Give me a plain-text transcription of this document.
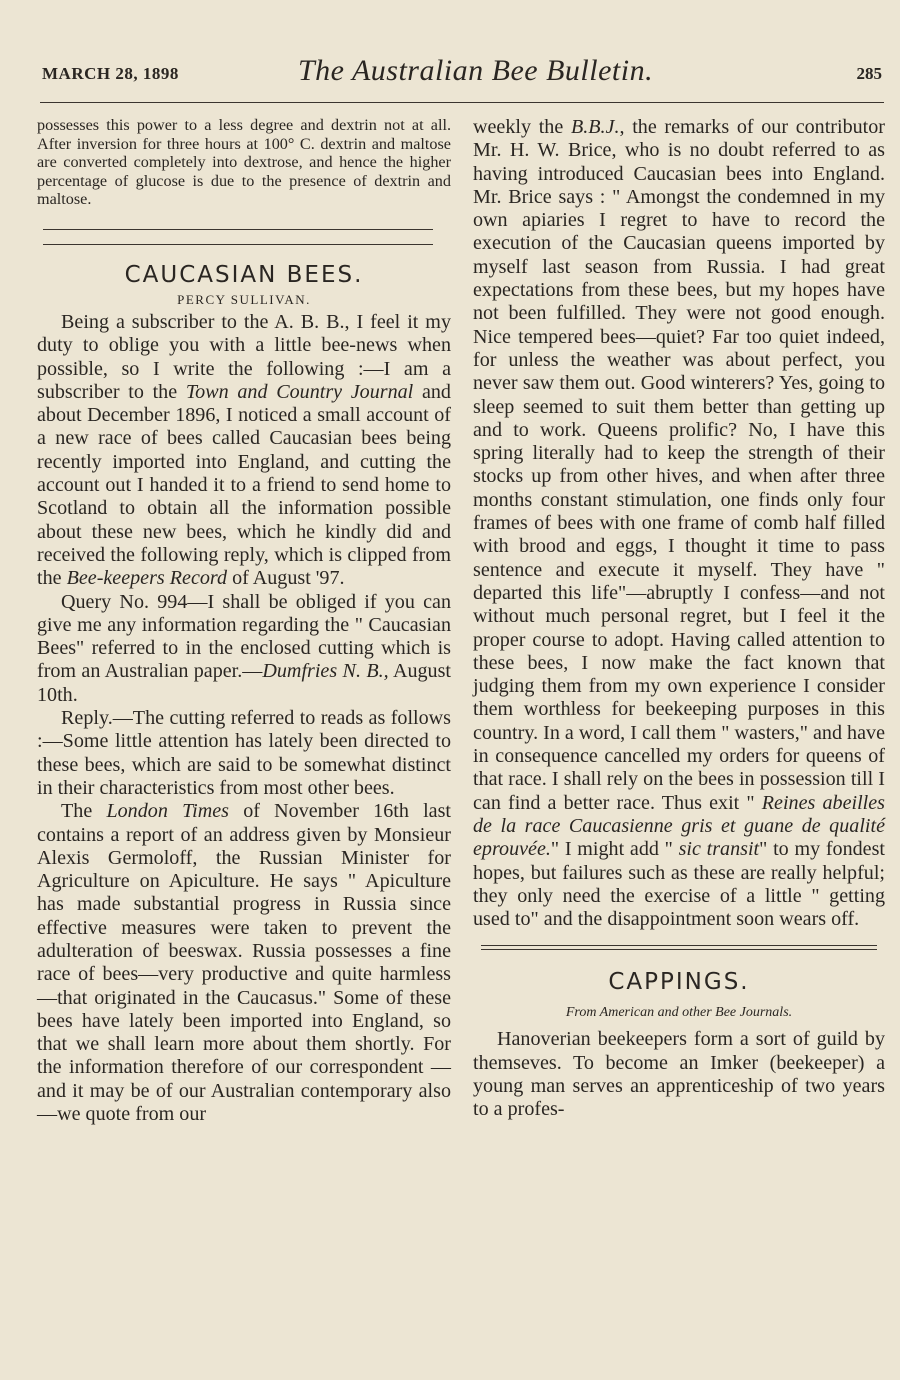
MARCH 28, 1898	The Australian Bee Bulletin.	285

possesses this power to a less degree and dextrin not at all. After inversion for three hours at 100° C. dextrin and maltose are converted completely into dextrose, and hence the higher percentage of glucose is due to the presence of dextrin and maltose.

CAUCASIAN BEES.
PERCY SULLIVAN.

Being a subscriber to the A. B. B., I feel it my duty to oblige you with a little bee-news when possible, so I write the following :—I am a subscriber to the Town and Country Journal and about December 1896, I noticed a small account of a new race of bees called Caucasian bees being recently imported into England, and cutting the account out I handed it to a friend to send home to Scotland to obtain all the information possible about these new bees, which he kindly did and received the following reply, which is clipped from the Bee-keepers Record of August '97.

Query No. 994—I shall be obliged if you can give me any information regarding the " Caucasian Bees" referred to in the enclosed cutting which is from an Australian paper.—Dumfries N. B., August 10th.

Reply.—The cutting referred to reads as follows :—Some little attention has lately been directed to these bees, which are said to be somewhat distinct in their characteristics from most other bees.

The London Times of November 16th last contains a report of an address given by Monsieur Alexis Germoloff, the Russian Minister for Agriculture on Apiculture. He says " Apiculture has made substantial progress in Russia since effective measures were taken to prevent the adulteration of beeswax. Russia possesses a fine race of bees—very productive and quite harmless—that originated in the Caucasus." Some of these bees have lately been imported into England, so that we shall learn more about them shortly. For the information therefore of our correspondent —and it may be of our Australian contemporary also—we quote from our

weekly the B.B.J., the remarks of our contributor Mr. H. W. Brice, who is no doubt referred to as having introduced Caucasian bees into England. Mr. Brice says : " Amongst the condemned in my own apiaries I regret to have to record the execution of the Caucasian queens imported by myself last season from Russia. I had great expectations from these bees, but my hopes have not been fulfilled. They were not good enough. Nice tempered bees—quiet? Far too quiet indeed, for unless the weather was about perfect, you never saw them out. Good winterers? Yes, going to sleep seemed to suit them better than getting up and to work. Queens prolific? No, I have this spring literally had to keep the strength of their stocks up from other hives, and when after three months constant stimulation, one finds only four frames of bees with one frame of comb half filled with brood and eggs, I thought it time to pass sentence and execute it myself. They have " departed this life"—abruptly I confess—and not without much personal regret, but I feel it the proper course to adopt. Having called attention to these bees, I now make the fact known that judging them from my own experience I consider them worthless for beekeeping purposes in this country. In a word, I call them " wasters," and have in consequence cancelled my orders for queens of that race. I shall rely on the bees in possession till I can find a better race. Thus exit " Reines abeilles de la race Caucasienne gris et guane de qualité eprouvée." I might add " sic transit" to my fondest hopes, but failures such as these are really helpful; they only need the exercise of a little " getting used to" and the disappointment soon wears off.

CAPPINGS.
From American and other Bee Journals.

Hanoverian beekeepers form a sort of guild by themseves. To become an Imker (beekeeper) a young man serves an apprenticeship of two years to a profes-
